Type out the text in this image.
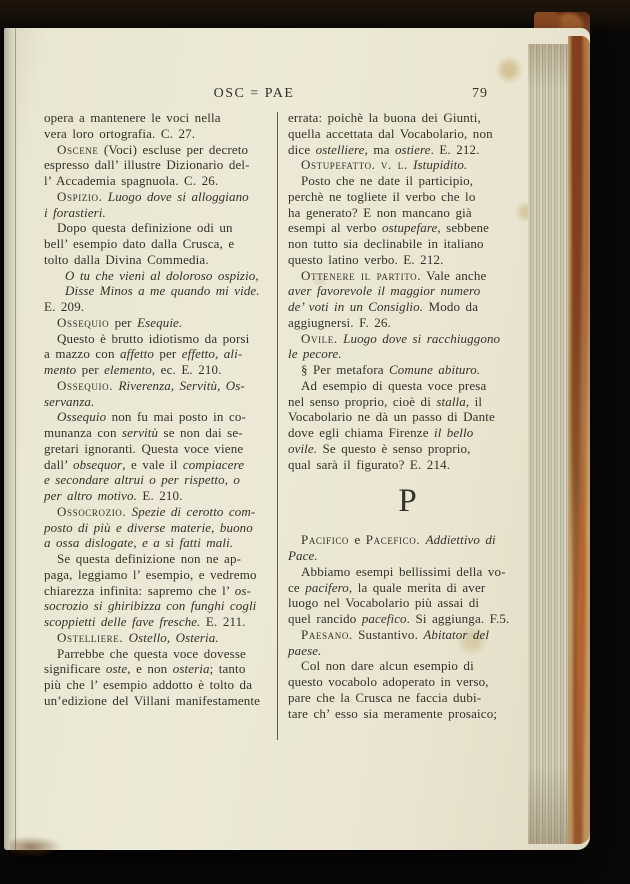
OSC = PAE	79
opera a mantenere le voci nella
vera loro ortografia. C. 27.
Oscene (Voci) escluse per decreto
espresso dall’ illustre Dizionario del-
l’ Accademia spagnuola. C. 26.
Ospizio. Luogo dove si alloggiano
i forastieri.
Dopo questa definizione odi un
bell’ esempio dato dalla Crusca, e
tolto dalla Divina Commedia.
O tu che vieni al doloroso ospizio,
Disse Minos a me quando mi vide.
E. 209.
Ossequio per Esequie.
Questo è brutto idiotismo da porsi
a mazzo con affetto per effetto, ali-
mento per elemento, ec. E. 210.
Ossequio. Riverenza, Servitù, Os-
servanza.
Ossequio non fu mai posto in co-
munanza con servitù se non dai se-
gretari ignoranti. Questa voce viene
dall’ obsequor, e vale il compiacere
e secondare altrui o per rispetto, o
per altro motivo. E. 210.
Ossocrozio. Spezie di cerotto com-
posto di più e diverse materie, buono
a ossa dislogate, e a sì fatti mali.
Se questa definizione non ne ap-
paga, leggiamo l’ esempio, e vedremo
chiarezza infinita: sapremo che l’ os-
socrozio si ghiribizza con funghi cogli
scoppietti delle fave fresche. E. 211.
Ostelliere. Ostello, Osteria.
Parrebbe che questa voce dovesse
significare oste, e non osteria; tanto
più che l’ esempio addotto è tolto da
un’edizione del Villani manifestamente
errata: poichè la buona dei Giunti,
quella accettata dal Vocabolario, non
dice ostelliere, ma ostiere. E. 212.
Ostupefatto. v. l. Istupidito.
Posto che ne date il participio,
perchè ne togliete il verbo che lo
ha generato? E non mancano già
esempi al verbo ostupefare, sebbene
non tutto sia declinabile in italiano
questo latino verbo. E. 212.
Ottenere il partito. Vale anche
aver favorevole il maggior numero
de’ voti in un Consiglio. Modo da
aggiugnersi. F. 26.
Ovile. Luogo dove si racchiuggono
le pecore.
§ Per metafora Comune abituro.
Ad esempio di questa voce presa
nel senso proprio, cioè di stalla, il
Vocabolario ne dà un passo di Dante
dove egli chiama Firenze il bello
ovile. Se questo è senso proprio,
qual sarà il figurato? E. 214.
P
Pacifico e Pacefico. Addiettivo di
Pace.
Abbiamo esempi bellissimi della vo-
ce pacifero, la quale merita di aver
luogo nel Vocabolario più assai di
quel rancido pacefico. Si aggiunga. F.5.
Paesano. Sustantivo. Abitator del
paese.
Col non dare alcun esempio di
questo vocabolo adoperato in verso,
pare che la Crusca ne faccia dubi-
tare ch’ esso sia meramente prosaico;
